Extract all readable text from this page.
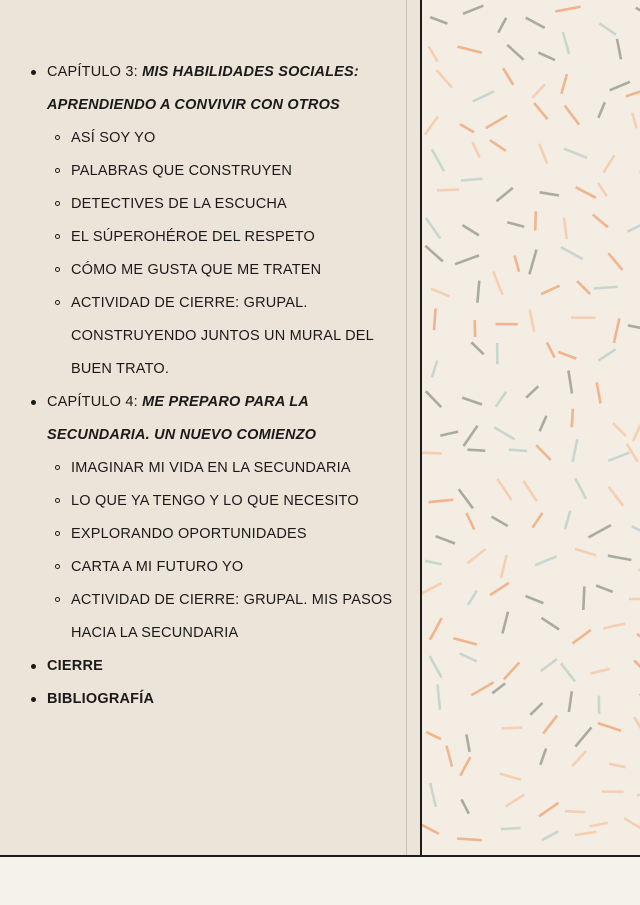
CAPÍTULO 3: MIS HABILIDADES SOCIALES: APRENDIENDO A CONVIVIR CON OTROS
ASÍ SOY YO
PALABRAS QUE CONSTRUYEN
DETECTIVES DE LA ESCUCHA
EL SÚPEROHÉROE DEL RESPETO
CÓMO ME GUSTA QUE ME TRATEN
ACTIVIDAD DE CIERRE: GRUPAL. CONSTRUYENDO JUNTOS UN MURAL DEL BUEN TRATO.
CAPÍTULO 4: ME PREPARO PARA LA SECUNDARIA. UN NUEVO COMIENZO
IMAGINAR MI VIDA EN LA SECUNDARIA
LO QUE YA TENGO Y LO QUE NECESITO
EXPLORANDO OPORTUNIDADES
CARTA A MI FUTURO YO
ACTIVIDAD DE CIERRE: GRUPAL. MIS PASOS HACIA LA SECUNDARIA
CIERRE
BIBLIOGRAFÍA
